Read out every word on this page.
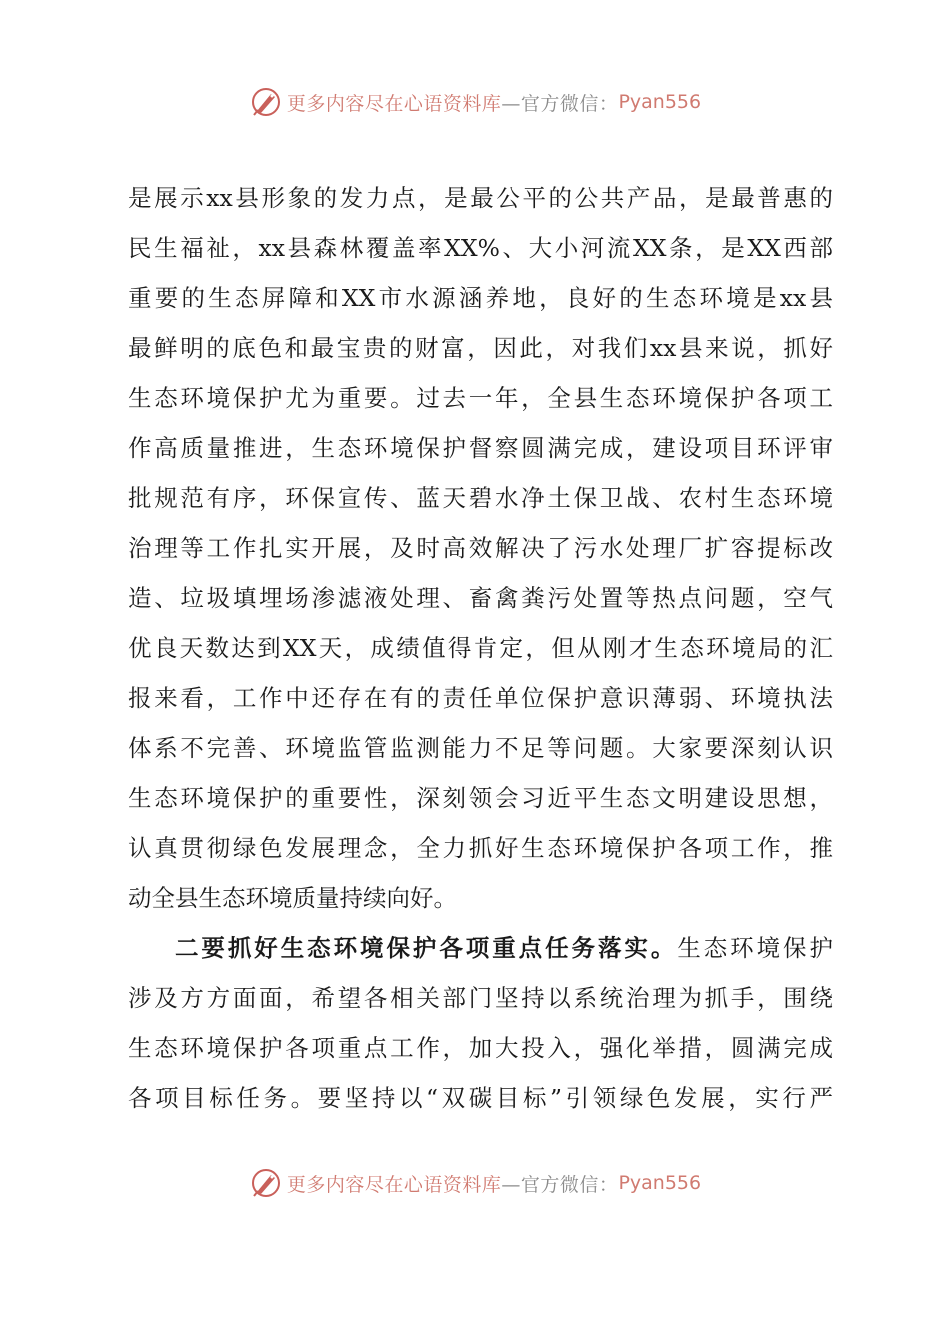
更多内容尽在心语资料库 —官方微信： Pyan556
是展示xx县形象的发力点，是最公平的公共产品，是最普惠的
民生福祉，xx县森林覆盖率XX%、大小河流XX条，是XX西部
重要的生态屏障和XX市水源涵养地，良好的生态环境是xx县
最鲜明的底色和最宝贵的财富，因此，对我们xx县来说，抓好
生态环境保护尤为重要。过去一年，全县生态环境保护各项工
作高质量推进，生态环境保护督察圆满完成，建设项目环评审
批规范有序，环保宣传、蓝天碧水净土保卫战、农村生态环境
治理等工作扎实开展，及时高效解决了污水处理厂扩容提标改
造、垃圾填埋场渗滤液处理、畜禽粪污处置等热点问题，空气
优良天数达到XX天，成绩值得肯定，但从刚才生态环境局的汇
报来看，工作中还存在有的责任单位保护意识薄弱、环境执法
体系不完善、环境监管监测能力不足等问题。大家要深刻认识
生态环境保护的重要性，深刻领会习近平生态文明建设思想，
认真贯彻绿色发展理念，全力抓好生态环境保护各项工作，推
动全县生态环境质量持续向好。
二要抓好生态环境保护各项重点任务落实。生态环境保护
涉及方方面面，希望各相关部门坚持以系统治理为抓手，围绕
生态环境保护各项重点工作，加大投入，强化举措，圆满完成
各项目标任务。要坚持以“双碳目标”引领绿色发展，实行严
更多内容尽在心语资料库 —官方微信： Pyan556
